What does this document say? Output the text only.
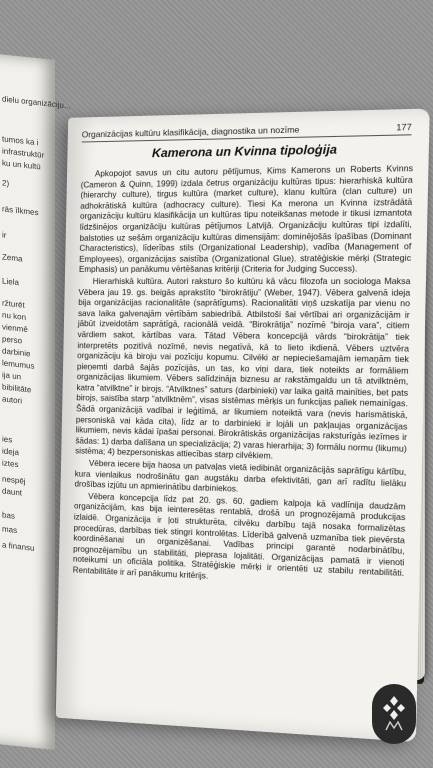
dielu organizāciju...
tumos ka i
infrastruktūr
ku un kultū
2)
rās īlkmes
ir
Zema
Liela
ržturēt
nu kon
vienmē
perso
darbinie
lemumus
ija un
bibilitāte
autori
ies
ideja
iztes
nespēj
daunt
bas
mas
a finansu
Organizācijas kultūru klasifikācija, diagnostika un nozīme	177
Kamerona un Kvinna tipoloģija

Apkopojot savus un citu autoru pētījumus, Kims Kamerons un Roberts Kvinns (Cameron & Quinn, 1999) izdala četrus organizāciju kultūras tipus: hierarhiskā kultūra (hierarchy culture), tirgus kultūra (market culture), klanu kultūra (clan culture) un adhokrātiskā kultūra (adhocracy culture). Tiesi Ka merona un Kvinna izstrādātā organizāciju kultūru klasifikācija un kultūras tipu noteikšanas metode ir tikusi izmantota līdzšinējos organizāciju kultūras pētījumos Latvijā. Organizāciju kultūras tipi izdalīti, balstoties uz sešām organizāciju kultūras dimensijām: dominējošās īpašības (Dominant Characteristics), līderības stils (Organizational Leadership), vadība (Management of Employees), organizācijas saistība (Organizational Glue), stratēģiskie mērķi (Strategic Emphasis) un panākumu vērtēšanas kritēriji (Criteria for Judging Success).

Hierarhiskā kultūra. Autori raksturo šo kultūru kā vācu filozofa un sociologa Maksa Vēbera jau 19. gs. beigās aprakstīto “birokrātiju” (Weber, 1947). Vēbera galvenā ideja bija organizācijas racionalitāte (saprātīgums). Racionalitāti viņš uzskatīja par vienu no sava laika galvenajām vērtībām sabiedrībā. Atbilstoši šai vērtībai ari organizācijām ir jābūt izveidotām saprātīgā, racionālā veidā. “Birokrātija” nozīmē “biroja vara”, citiem vārdiem sakot, kārtības vara. Tātad Vēbera koncepcijā vārds “birokrātija” tiek interpretēts pozitīvā nozīmē, nevis negatīvā, kā to lieto ikdienā. Vēbers uztvēra organizāciju kā biroju vai pozīciju kopumu. Cilvēki ar nepieciešamajām iemaņām tiek pieņemti darbā šajās pozīcijās, un tas, ko viņi dara, tiek noteikts ar formāliem organizācijas likumiem. Vēbers salīdzināja biznesu ar rakstāmgaldu un tā atvilktnēm, katra “atvilktne” ir birojs. “Atvilktnes” saturs (darbinieki) var laika gaitā mainīties, bet pats birojs, saistība starp “atvilktnēm”, visas sistēmas mērķis un funkcijas paliek nemainīgas. Šādā organizācijā vadībai ir leģitīmā, ar likumiem noteiktā vara (nevis harismātiskā, personiskā vai kāda cita), līdz ar to darbinieki ir lojāli un pakļaujas organizācijas likumiem, nevis kādai īpašai personai. Birokrātiskās organizācijas raksturīgās iezīmes ir šādas: 1) darba dalīšana un specializācija; 2) varas hierarhija; 3) formālu normu (likumu) sistēma; 4) bezpersoniskas attiecības starp cilvēkiem.

Vēbera iecere bija haosa un patvaļas vietā iedibināt organizācijās saprātīgu kārtību, kura vienlaikus nodrošinātu gan augstāku darba efektivitāti, gan arī radītu lielāku drošības izjūtu un apmierinātību darbiniekos.

Vēbera koncepcija līdz pat 20. gs. 60. gadiem kalpoja kā vadlīnija daudzām organizācijām, kas bija ieinteresētas rentablā, drošā un prognozējamā produkcijas izlaidē. Organizācija ir ļoti strukturēta, cilvēku darbību tajā nosaka formalizētas procedūras, darbības tiek stingri kontrolētas. Līderībā galvenā uzmanība tiek pievērsta koordinēšanai un organizēšanai. Vadības principi garantē nodarbinātību, prognozējamību un stabilitāti, pieprasa lojalitāti. Organizācijas pamatā ir vienoti noteikumi un oficiāla politika. Stratēģiskie mērķi ir orientēti uz stabilu rentabilitāti. Rentabilitāte ir arī panākumu kritērijs.
